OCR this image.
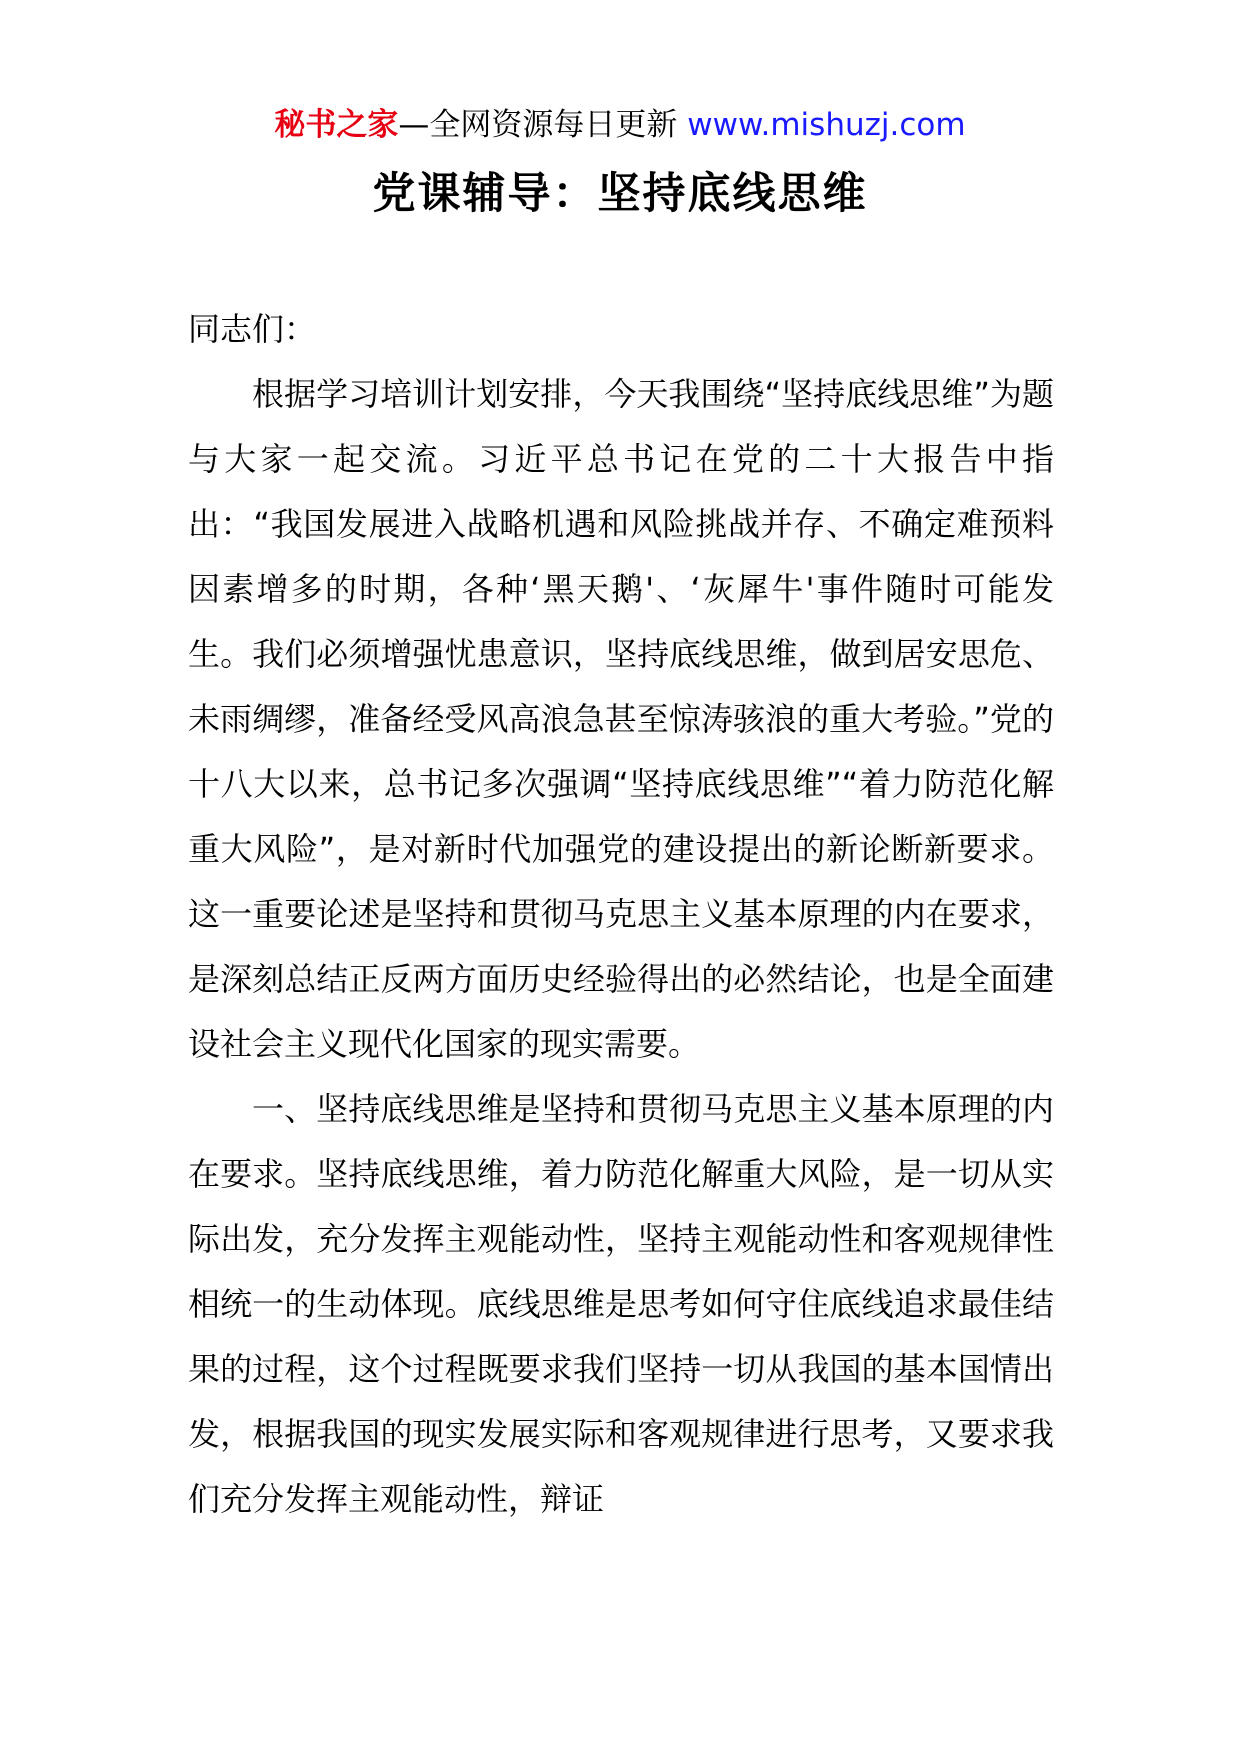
秘书之家—全网资源每日更新 www.mishuzj.com
党课辅导：坚持底线思维

同志们：

根据学习培训计划安排，今天我围绕“坚持底线思维”为题与大家一起交流。习近平总书记在党的二十大报告中指出：“我国发展进入战略机遇和风险挑战并存、不确定难预料因素增多的时期，各种‘黑天鹅'、‘灰犀牛'事件随时可能发生。我们必须增强忧患意识，坚持底线思维，做到居安思危、未雨绸缪，准备经受风高浪急甚至惊涛骇浪的重大考验。”党的十八大以来，总书记多次强调“坚持底线思维”“着力防范化解重大风险”，是对新时代加强党的建设提出的新论断新要求。这一重要论述是坚持和贯彻马克思主义基本原理的内在要求，是深刻总结正反两方面历史经验得出的必然结论，也是全面建设社会主义现代化国家的现实需要。

一、坚持底线思维是坚持和贯彻马克思主义基本原理的内在要求。坚持底线思维，着力防范化解重大风险，是一切从实际出发，充分发挥主观能动性，坚持主观能动性和客观规律性相统一的生动体现。底线思维是思考如何守住底线追求最佳结果的过程，这个过程既要求我们坚持一切从我国的基本国情出发，根据我国的现实发展实际和客观规律进行思考，又要求我们充分发挥主观能动性，辩证
